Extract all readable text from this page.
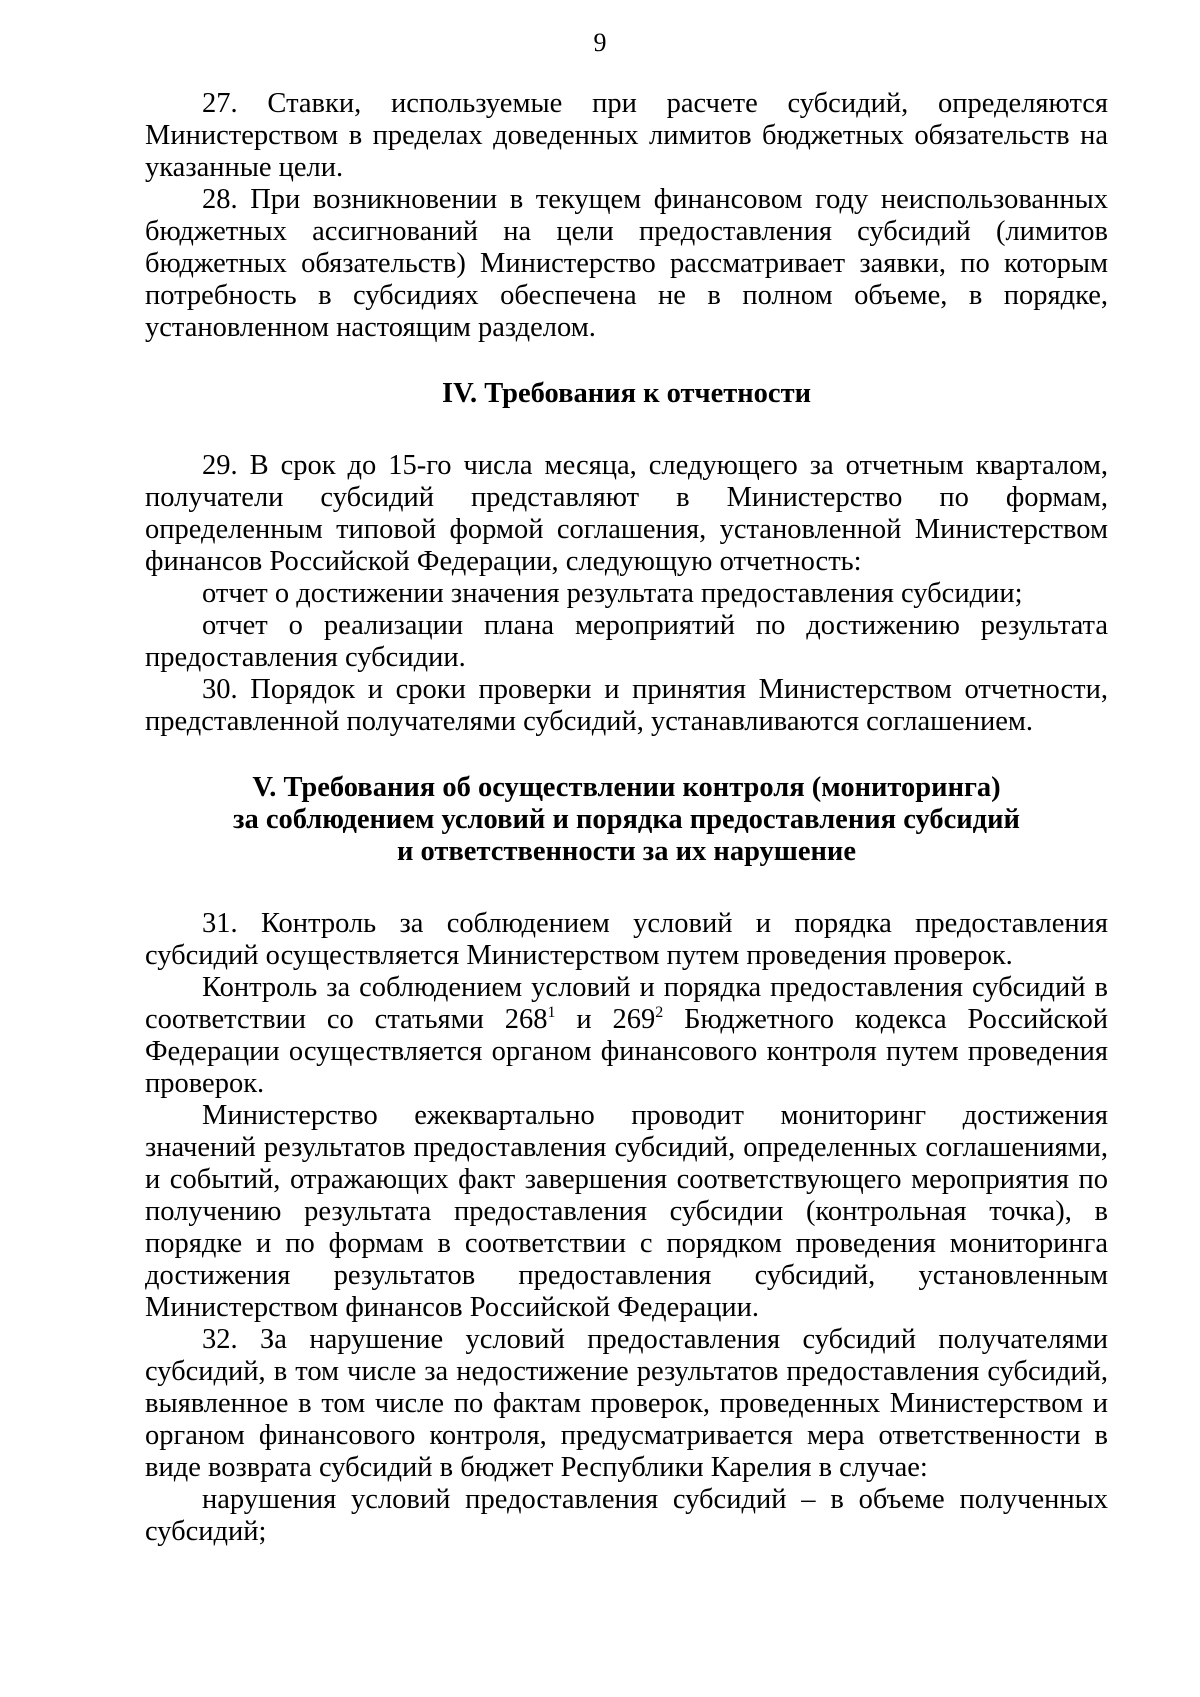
9

27. Ставки, используемые при расчете субсидий, определяются Министерством в пределах доведенных лимитов бюджетных обязательств на указанные цели.

28. При возникновении в текущем финансовом году неиспользованных бюджетных ассигнований на цели предоставления субсидий (лимитов бюджетных обязательств) Министерство рассматривает заявки, по которым потребность в субсидиях обеспечена не в полном объеме, в порядке, установленном настоящим разделом.

IV. Требования к отчетности

29. В срок до 15-го числа месяца, следующего за отчетным кварталом, получатели субсидий представляют в Министерство по формам, определенным типовой формой соглашения, установленной Министерством финансов Российской Федерации, следующую отчетность:

отчет о достижении значения результата предоставления субсидии;

отчет о реализации плана мероприятий по достижению результата предоставления субсидии.

30. Порядок и сроки проверки и принятия Министерством отчетности, представленной получателями субсидий, устанавливаются соглашением.

V. Требования об осуществлении контроля (мониторинга)
за соблюдением условий и порядка предоставления субсидий
и ответственности за их нарушение

31. Контроль за соблюдением условий и порядка предоставления субсидий осуществляется Министерством путем проведения проверок.

Контроль за соблюдением условий и порядка предоставления субсидий в соответствии со статьями $268^1$ и $269^2$ Бюджетного кодекса Российской Федерации осуществляется органом финансового контроля путем проведения проверок.

Министерство ежеквартально проводит мониторинг достижения значений результатов предоставления субсидий, определенных соглашениями, и событий, отражающих факт завершения соответствующего мероприятия по получению результата предоставления субсидии (контрольная точка), в порядке и по формам в соответствии с порядком проведения мониторинга достижения результатов предоставления субсидий, установленным Министерством финансов Российской Федерации.

32. За нарушение условий предоставления субсидий получателями субсидий, в том числе за недостижение результатов предоставления субсидий, выявленное в том числе по фактам проверок, проведенных Министерством и органом финансового контроля, предусматривается мера ответственности в виде возврата субсидий в бюджет Республики Карелия в случае:

нарушения условий предоставления субсидий – в объеме полученных субсидий;
